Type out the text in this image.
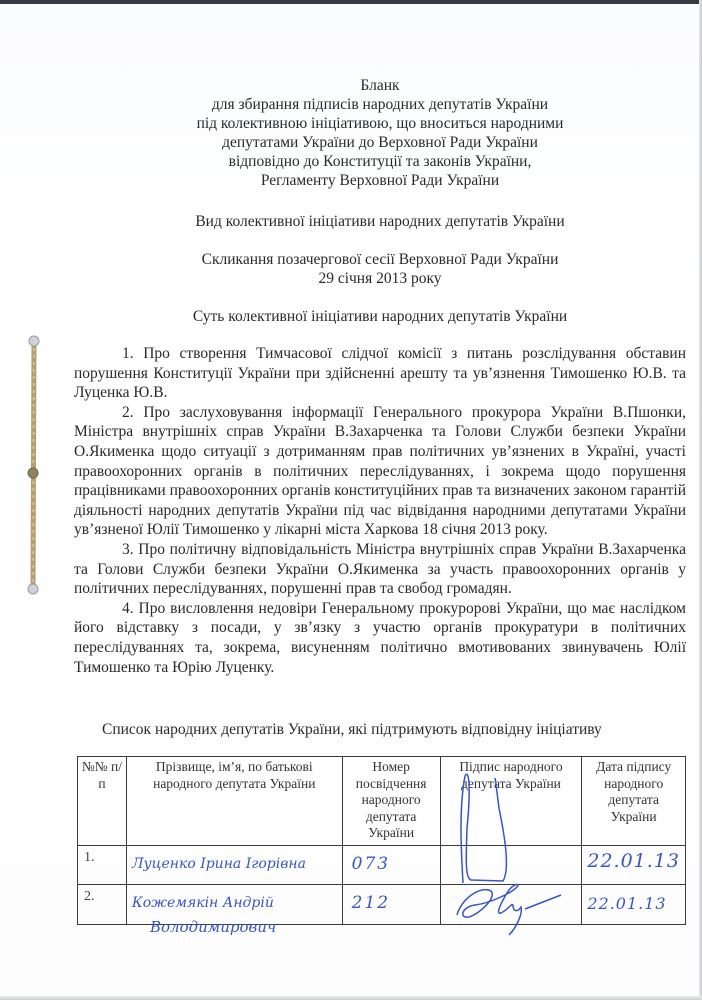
Бланк
для збирання підписів народних депутатів України
під колективною ініціативою, що вноситься народними
депутатами України до Верховної Ради України
відповідно до Конституції та законів України,
Регламенту Верховної Ради України
Вид колективної ініціативи народних депутатів України
Скликання позачергової сесії Верховної Ради України
29 січня 2013 року
Суть колективної ініціативи народних депутатів України

1. Про створення Тимчасової слідчої комісії з питань розслідування обставин порушення Конституції України при здійсненні арешту та ув’язнення Тимошенко Ю.В. та Луценка Ю.В.

2. Про заслуховування інформації Генерального прокурора України В.Пшонки, Міністра внутрішніх справ України В.Захарченка та Голови Служби безпеки України О.Якименка щодо ситуації з дотриманням прав політичних ув’язнених в Україні, участі правоохоронних органів в політичних переслідуваннях, і зокрема щодо порушення працівниками правоохоронних органів конституційних прав та визначених законом гарантій діяльності народних депутатів України під час відвідання народними депутатами України ув’язненої Юлії Тимошенко у лікарні міста Харкова 18 січня 2013 року.

3. Про політичну відповідальність Міністра внутрішніх справ України В.Захарченка та Голови Служби безпеки України О.Якименка за участь правоохоронних органів у політичних переслідуваннях, порушенні прав та свобод громадян.

4. Про висловлення недовіри Генеральному прокуророві України, що має наслідком його відставку з посади, у зв’язку з участю органів прокуратури в політичних переслідуваннях та, зокрема, висуненням політично вмотивованих звинувачень Юлії Тимошенко та Юрію Луценку.

Список народних депутатів України, які підтримують відповідну ініціативу
№№ п/п	Прізвище, ім’я, по батькові народного депутата України	Номер посвідчення народного депутата України	Підпис народного депутата України	Дата підпису народного депутата України
1.	Луценко Ірина Ігорівна	073		22.01.13

2.	Кожемякін Андрій	212		22.01.13
Володимирович
